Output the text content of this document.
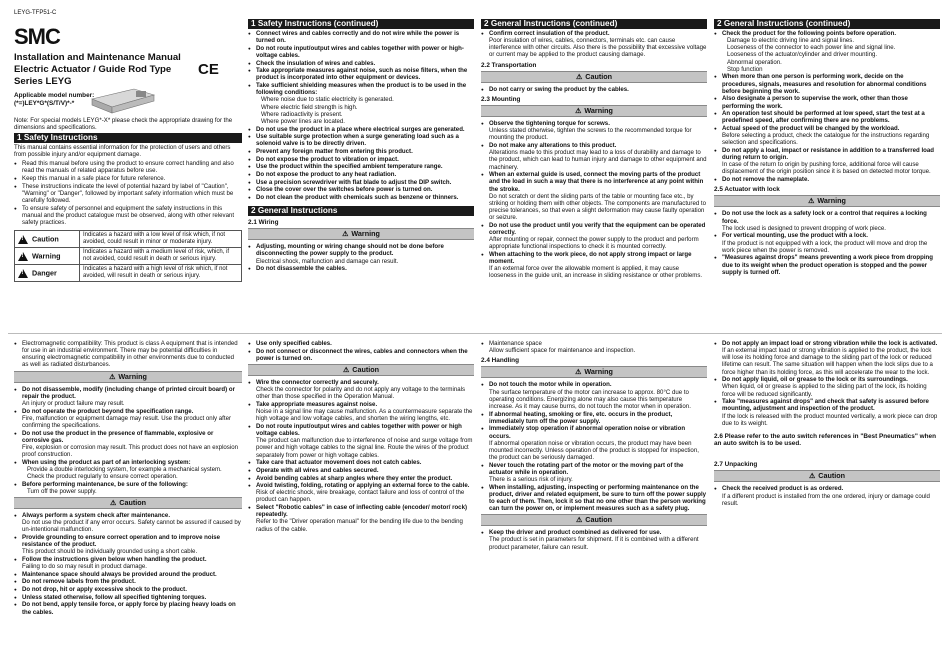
LEYG-TFP51-C
SMC
Installation and Maintenance Manual
Electric Actuator / Guide Rod Type
Series LEYG
CE
Applicable model number:
(*=)LEY*G*(S/T/V)*-*
Note: For special models LEYG*-X* please check the appropriate drawing for the dimensions and specifications.
1 Safety Instructions

This manual contains essential information for the protection of users and others from possible injury and/or equipment damage.

● Read this manual before using the product to ensure correct handling and also read the manuals of related apparatus before use.
● Keep this manual in a safe place for future reference.
● These instructions indicate the level of potential hazard by label of "Caution", "Warning" or "Danger", followed by important safety information which must be carefully followed.
● To ensure safety of personnel and equipment the safety instructions in this manual and the product catalogue must be observed, along with other relevant safety practices.
!Caution	Indicates a hazard with a low level of risk which, if not avoided, could result in minor or moderate injury.
!Warning	Indicates a hazard with a medium level of risk, which, if not avoided, could result in death or serious injury.
!Danger	Indicates a hazard with a high level of risk which, if not avoided, will result in death or serious injury.
1 Safety Instructions (continued)
● Connect wires and cables correctly and do not wire while the power is turned on.
● Do not route input/output wires and cables together with power or high-voltage cables.
● Check the insulation of wires and cables.
● Take appropriate measures against noise, such as noise filters, when the product is incorporated into other equipment or devices.
● Take sufficient shielding measures when the product is to be used in the following conditions:
Where noise due to static electricity is generated.
Where electric field strength is high.
Where radioactivity is present.
Where power lines are located.
● Do not use the product in a place where electrical surges are generated.
● Use suitable surge protection when a surge generating load such as a solenoid valve is to be directly driven.
● Prevent any foreign matter from entering this product.
● Do not expose the product to vibration or impact.
● Use the product within the specified ambient temperature range.
● Do not expose the product to any heat radiation.
● Use a precision screwdriver with flat blade to adjust the DIP switch.
● Close the cover over the switches before power is turned on.
● Do not clean the product with chemicals such as benzene or thinners.
2 General Instructions
2.1 Wiring
⚠ Warning
● Adjusting, mounting or wiring change should not be done before disconnecting the power supply to the product.
Electrical shock, malfunction and damage can result.
● Do not disassemble the cables.
2 General Instructions (continued)
● Confirm correct insulation of the product.
Poor insulation of wires, cables, connectors, terminals etc. can cause interference with other circuits. Also there is the possibility that excessive voltage or current may be applied to the product causing damage.
2.2 Transportation
⚠ Caution
● Do not carry or swing the product by the cables.
2.3 Mounting
⚠ Warning
● Observe the tightening torque for screws.
Unless stated otherwise, tighten the screws to the recommended torque for mounting the product.
● Do not make any alterations to this product.
Alterations made to this product may lead to a loss of durability and damage to the product, which can lead to human injury and damage to other equipment and machinery.
● When an external guide is used, connect the moving parts of the product and the load in such a way that there is no interference at any point within the stroke.
Do not scratch or dent the sliding parts of the table or mounting face etc., by striking or holding them with other objects. The components are manufactured to precise tolerances, so that even a slight deformation may cause faulty operation or seizure.
● Do not use the product until you verify that the equipment can be operated correctly.
After mounting or repair, connect the power supply to the product and perform appropriate functional inspections to check it is mounted correctly.
● When attaching to the work piece, do not apply strong impact or large moment.
If an external force over the allowable moment is applied, it may cause looseness in the guide unit, an increase in sliding resistance or other problems.
2 General Instructions (continued)
● Check the product for the following points before operation.
Damage to electric driving line and signal lines.
Looseness of the connector to each power line and signal line.
Looseness of the actuator/cylinder and driver mounting.
Abnormal operation.
Stop function
● When more than one person is performing work, decide on the procedures, signals, measures and resolution for abnormal conditions before beginning the work.
● Also designate a person to supervise the work, other than those performing the work.
● An operation test should be performed at low speed, start the test at a predefined speed, after confirming there are no problems.
● Actual speed of the product will be changed by the workload.
Before selecting a product, check the catalogue for the instructions regarding selection and specifications.
● Do not apply a load, impact or resistance in addition to a transferred load during return to origin.
In case of the return to origin by pushing force, additional force will cause displacement of the origin position since it is based on detected motor torque.
● Do not remove the nameplate.
2.5 Actuator with lock
⚠ Warning
● Do not use the lock as a safety lock or a control that requires a locking force.
The lock used is designed to prevent dropping of work piece.
● For vertical mounting, use the product with a lock.
If the product is not equipped with a lock, the product will move and drop the work piece when the power is removed.
● "Measures against drops" means preventing a work piece from dropping due to its weight when the product operation is stopped and the power supply is turned off.
● Electromagnetic compatibility: This product is class A equipment that is intended for use in an industrial environment. There may be potential difficulties in ensuring electromagnetic compatibility in other environments due to conducted as well as radiated disturbances.
⚠ Warning
● Do not disassemble, modify (including change of printed circuit board) or repair the product.
An injury or product failure may result.
● Do not operate the product beyond the specification range.
Fire, malfunction or equipment damage may result. Use the product only after confirming the specifications.
● Do not use the product in the presence of flammable, explosive or corrosive gas.
Fire, explosion or corrosion may result. This product does not have an explosion proof construction.
● When using the product as part of an interlocking system:
Provide a double interlocking system, for example a mechanical system.
Check the product regularly to ensure correct operation.
● Before performing maintenance, be sure of the following:
Turn off the power supply.
⚠ Caution
● Always perform a system check after maintenance.
Do not use the product if any error occurs. Safety cannot be assured if caused by un-intentional malfunction.
● Provide grounding to ensure correct operation and to improve noise resistance of the product.
This product should be individually grounded using a short cable.
● Follow the instructions given below when handling the product.
Failing to do so may result in product damage.
● Maintenance space should always be provided around the product.
● Do not remove labels from the product.
● Do not drop, hit or apply excessive shock to the product.
● Unless stated otherwise, follow all specified tightening torques.
● Do not bend, apply tensile force, or apply force by placing heavy loads on the cables.
● Use only specified cables.
● Do not connect or disconnect the wires, cables and connectors when the power is turned on.
⚠ Caution
● Wire the connector correctly and securely.
Check the connector for polarity and do not apply any voltage to the terminals other than those specified in the Operation Manual.
● Take appropriate measures against noise.
Noise in a signal line may cause malfunction. As a countermeasure separate the high voltage and low voltage cables, and shorten the wiring lengths, etc.
● Do not route input/output wires and cables together with power or high voltage cables.
The product can malfunction due to interference of noise and surge voltage from power and high voltage cables to the signal line. Route the wires of the product separately from power or high voltage cables.
● Take care that actuator movement does not catch cables.
● Operate with all wires and cables secured.
● Avoid bending cables at sharp angles where they enter the product.
● Avoid twisting, folding, rotating or applying an external force to the cable.
Risk of electric shock, wire breakage, contact failure and loss of control of the product can happen.
● Select "Robotic cables" in case of inflecting cable (encoder/ motor/ rock) repeatedly.
Refer to the "Driver operation manual" for the bending life due to the bending radius of the cable.
● Maintenance space
Allow sufficient space for maintenance and inspection.
2.4 Handling
⚠ Warning
● Do not touch the motor while in operation.
The surface temperature of the motor can increase to approx. 80°C due to operating conditions. Energizing alone may also cause this temperature increase. As it may cause burns, do not touch the motor when in operation.
● If abnormal heating, smoking or fire, etc. occurs in the product, immediately turn off the power supply.
● Immediately stop operation if abnormal operation noise or vibration occurs.
If abnormal operation noise or vibration occurs, the product may have been mounted incorrectly. Unless operation of the product is stopped for inspection, the product can be seriously damaged.
● Never touch the rotating part of the motor or the moving part of the actuator while in operation.
There is a serious risk of injury.
● When installing, adjusting, inspecting or performing maintenance on the product, driver and related equipment, be sure to turn off the power supply to each of them. Then, lock it so that no one other than the person working can turn the power on, or implement measures such as a safety plug.
⚠ Caution
● Keep the driver and product combined as delivered for use.
The product is set in parameters for shipment. If it is combined with a different product parameter, failure can result.
● Do not apply an impact load or strong vibration while the lock is activated.
If an external impact load or strong vibration is applied to the product, the lock will lose its holding force and damage to the sliding part of the lock or reduced lifetime can result. The same situation will happen when the lock slips due to a force higher than its holding force, as this will accelerate the wear to the lock.
● Do not apply liquid, oil or grease to the lock or its surroundings.
When liquid, oil or grease is applied to the sliding part of the lock, its holding force will be reduced significantly.
● Take "measures against drops" and check that safety is assured before mounting, adjustment and inspection of the product.
If the lock is released with the product mounted vertically, a work piece can drop due to its weight.
2.6 Please refer to the auto switch references in "Best Pneumatics" when an auto switch is to be used.
2.7 Unpacking
⚠ Caution
● Check the received product is as ordered.
If a different product is installed from the one ordered, injury or damage could result.
